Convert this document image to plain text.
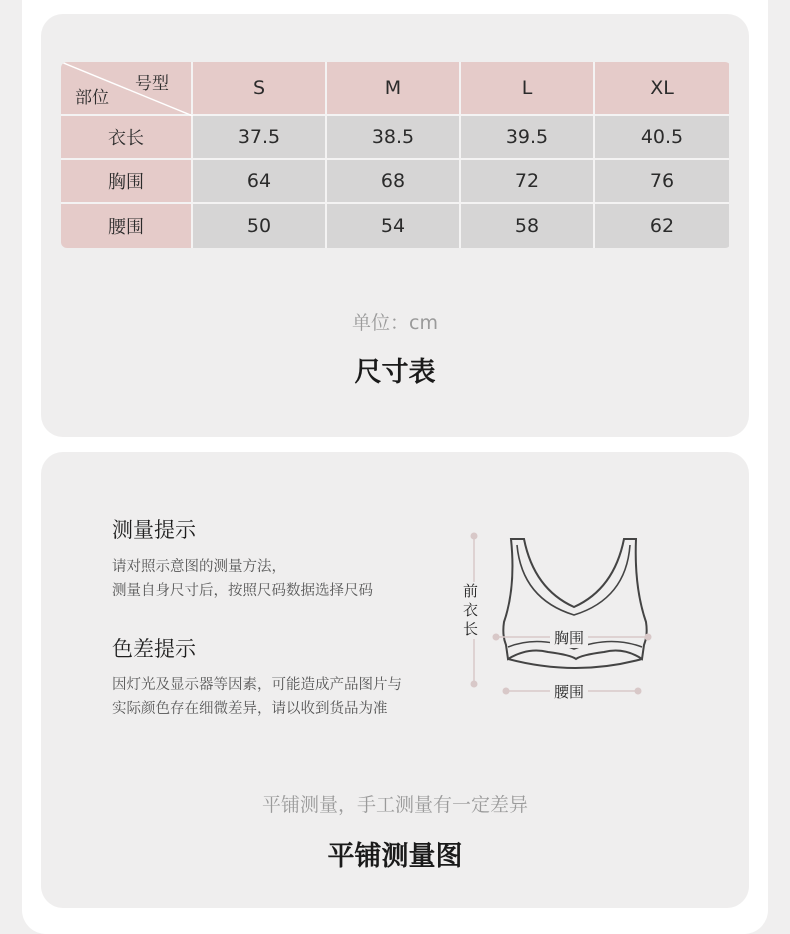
号型
部位	S	M	L	XL
衣长	37.5	38.5	39.5	40.5
胸围	64	68	72	76
腰围	50	54	58	62
单位：cm
尺寸表
测量提示
请对照示意图的测量方法，
测量自身尺寸后，按照尺码数据选择尺码
色差提示
因灯光及显示器等因素，可能造成产品图片与
实际颜色存在细微差异，请以收到货品为准
前衣长	胸围
腰围
平铺测量，手工测量有一定差异
平铺测量图
